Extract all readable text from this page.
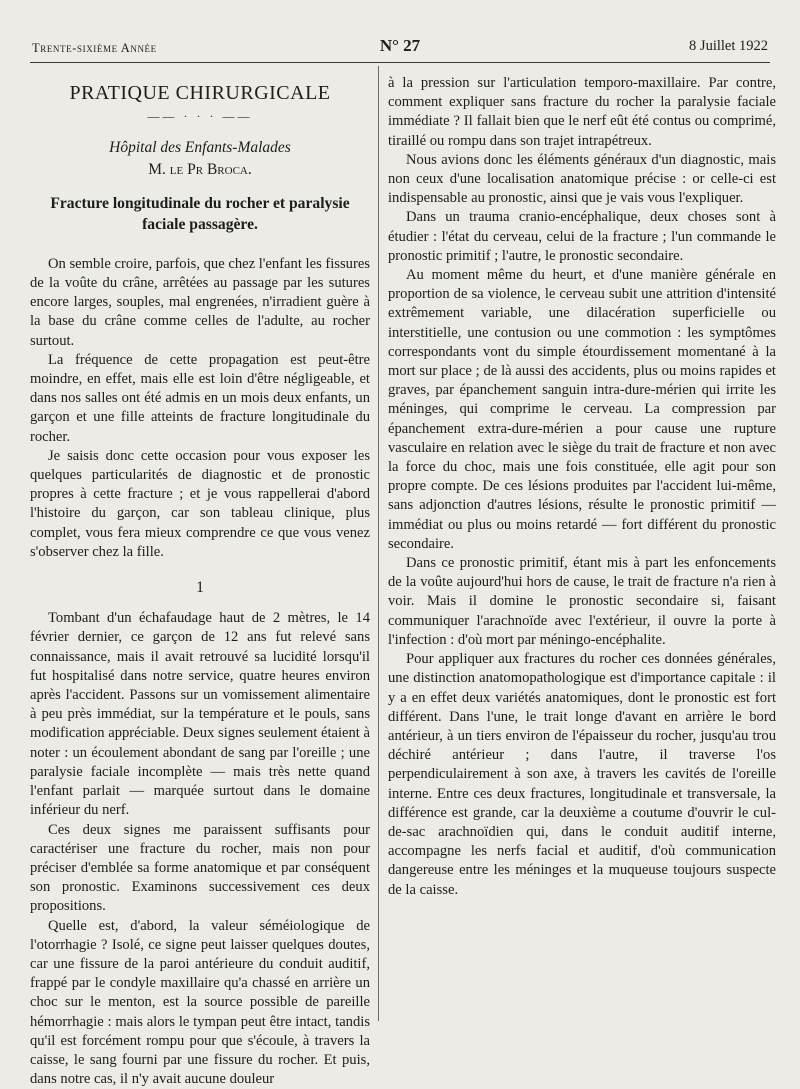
Trente-sixième Année	N° 27	8 Juillet 1922
PRATIQUE CHIRURGICALE
—— · · · ——
Hôpital des Enfants-Malades
M. le Pr Broca.
Fracture longitudinale du rocher et paralysie faciale passagère.

On semble croire, parfois, que chez l'enfant les fissures de la voûte du crâne, arrêtées au passage par les sutures encore larges, souples, mal engrenées, n'irradient guère à la base du crâne comme celles de l'adulte, au rocher surtout.

La fréquence de cette propagation est peut-être moindre, en effet, mais elle est loin d'être négligeable, et dans nos salles ont été admis en un mois deux enfants, un garçon et une fille atteints de fracture longitudinale du rocher.

Je saisis donc cette occasion pour vous exposer les quelques particularités de diagnostic et de pronostic propres à cette fracture ; et je vous rappellerai d'abord l'histoire du garçon, car son tableau clinique, plus complet, vous fera mieux comprendre ce que vous venez s'observer chez la fille.

1

Tombant d'un échafaudage haut de 2 mètres, le 14 février dernier, ce garçon de 12 ans fut relevé sans connaissance, mais il avait retrouvé sa lucidité lorsqu'il fut hospitalisé dans notre service, quatre heures environ après l'accident. Passons sur un vomissement alimentaire à peu près immédiat, sur la température et le pouls, sans modification appréciable. Deux signes seulement étaient à noter : un écoulement abondant de sang par l'oreille ; une paralysie faciale incomplète — mais très nette quand l'enfant parlait — marquée surtout dans le domaine inférieur du nerf.

Ces deux signes me paraissent suffisants pour caractériser une fracture du rocher, mais non pour préciser d'emblée sa forme anatomique et par conséquent son pronostic. Examinons successivement ces deux propositions.

Quelle est, d'abord, la valeur séméiologique de l'otorrhagie ? Isolé, ce signe peut laisser quelques doutes, car une fissure de la paroi antérieure du conduit auditif, frappé par le condyle maxillaire qu'a chassé en arrière un choc sur le menton, est la source possible de pareille hémorrhagie : mais alors le tympan peut être intact, tandis qu'il est forcément rompu pour que s'écoule, à travers la caisse, le sang fourni par une fissure du rocher. Et puis, dans notre cas, il n'y avait aucune douleur

à la pression sur l'articulation temporo-maxillaire. Par contre, comment expliquer sans fracture du rocher la paralysie faciale immédiate ? Il fallait bien que le nerf eût été contus ou comprimé, tiraillé ou rompu dans son trajet intrapétreux.

Nous avions donc les éléments généraux d'un diagnostic, mais non ceux d'une localisation anatomique précise : or celle-ci est indispensable au pronostic, ainsi que je vais vous l'expliquer.

Dans un trauma cranio-encéphalique, deux choses sont à étudier : l'état du cerveau, celui de la fracture ; l'un commande le pronostic primitif ; l'autre, le pronostic secondaire.

Au moment même du heurt, et d'une manière générale en proportion de sa violence, le cerveau subit une attrition d'intensité extrêmement variable, une dilacération superficielle ou interstitielle, une contusion ou une commotion : les symptômes correspondants vont du simple étourdissement momentané à la mort sur place ; de là aussi des accidents, plus ou moins rapides et graves, par épanchement sanguin intra-dure-mérien qui irrite les méninges, qui comprime le cerveau. La compression par épanchement extra-dure-mérien a pour cause une rupture vasculaire en relation avec le siège du trait de fracture et non avec la force du choc, mais une fois constituée, elle agit pour son propre compte. De ces lésions produites par l'accident lui-même, sans adjonction d'autres lésions, résulte le pronostic primitif — immédiat ou plus ou moins retardé — fort différent du pronostic secondaire.

Dans ce pronostic primitif, étant mis à part les enfoncements de la voûte aujourd'hui hors de cause, le trait de fracture n'a rien à voir. Mais il domine le pronostic secondaire si, faisant communiquer l'arachnoïde avec l'extérieur, il ouvre la porte à l'infection : d'où mort par méningo-encéphalite.

Pour appliquer aux fractures du rocher ces données générales, une distinction anatomopathologique est d'importance capitale : il y a en effet deux variétés anatomiques, dont le pronostic est fort différent. Dans l'une, le trait longe d'avant en arrière le bord antérieur, à un tiers environ de l'épaisseur du rocher, jusqu'au trou déchiré antérieur ; dans l'autre, il traverse l'os perpendiculairement à son axe, à travers les cavités de l'oreille interne. Entre ces deux fractures, longitudinale et transversale, la différence est grande, car la deuxième a coutume d'ouvrir le cul-de-sac arachnoïdien qui, dans le conduit auditif interne, accompagne les nerfs facial et auditif, d'où communication dangereuse entre les méninges et la muqueuse toujours suspecte de la caisse.
